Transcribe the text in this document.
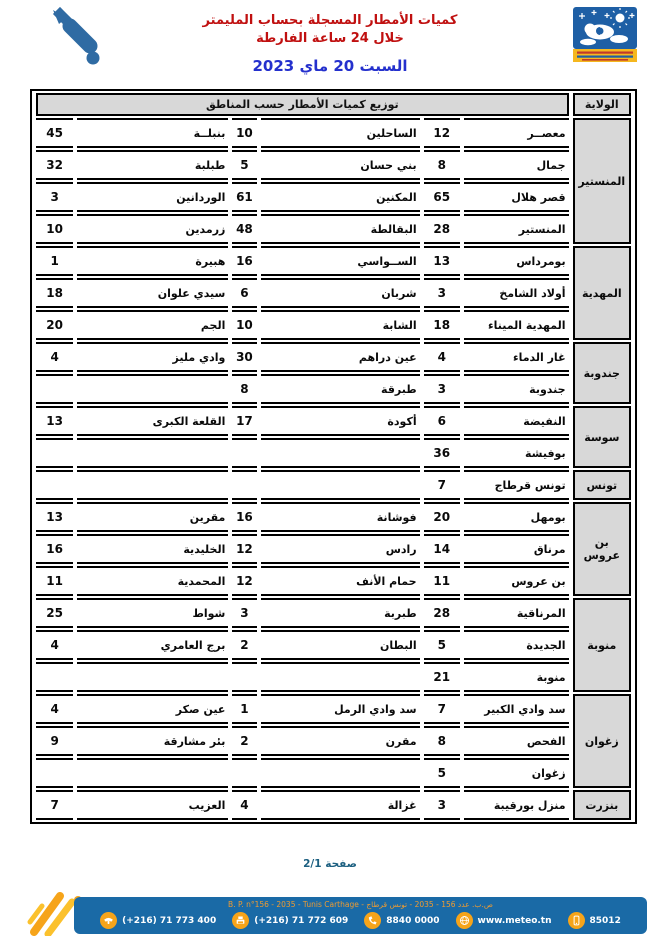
كميات الأمطار المسجلة بحساب المليمتر
خلال 24 ساعة الفارطة
السبت 20 ماي 2023
الولاية	توزيع كميات الأمطار حسب المناطق					
المنستير	معصــر	12	الساحلين	10	بنبلــة	45
	جمال	8	بني حسان	5	طبلبة	32
	قصر هلال	65	المكنين	61	الوردانين	3
	المنستير	28	البقالطة	48	زرمدين	10
المهدية	بومرداس	13	الســواسي	16	هبيرة	1
	أولاد الشامخ	3	شربان	6	سيدي علوان	18
	المهدية الميناء	18	الشابة	10	الجم	20
جندوبة	غار الدماء	4	عين دراهم	30	وادي مليز	4
	جندوبة	3	طبرقة	8		
سوسة	النفيضة	6	أكودة	17	القلعة الكبرى	13
	بوفيشة	36				
تونس	تونس قرطاج	7				
بن عروس	بومهل	20	فوشانة	16	مقرين	13
	مرناق	14	رادس	12	الخليدية	16
	بن عروس	11	حمام الأنف	12	المحمدية	11
منوبة	المرناقية	28	طبربة	3	شواط	25
	الجديدة	5	البطان	2	برج العامري	4
	منوبة	21				
زغوان	سد وادي الكبير	7	سد وادي الرمل	1	عين صكر	4
	الفحص	8	مقرن	2	بئر مشارقة	9
	زغوان	5				
بنزرت	منزل بورقيبة	3	غزالة	4	العزيب	7
صفحة 2/1
ص.ب. عدد 156 - 2035 - تونس قرطاج - B. P. n°156 - 2035 - Tunis Carthage
(+216) 71 773 400	(+216) 71 772 609	8840 0000	www.meteo.tn	85012
